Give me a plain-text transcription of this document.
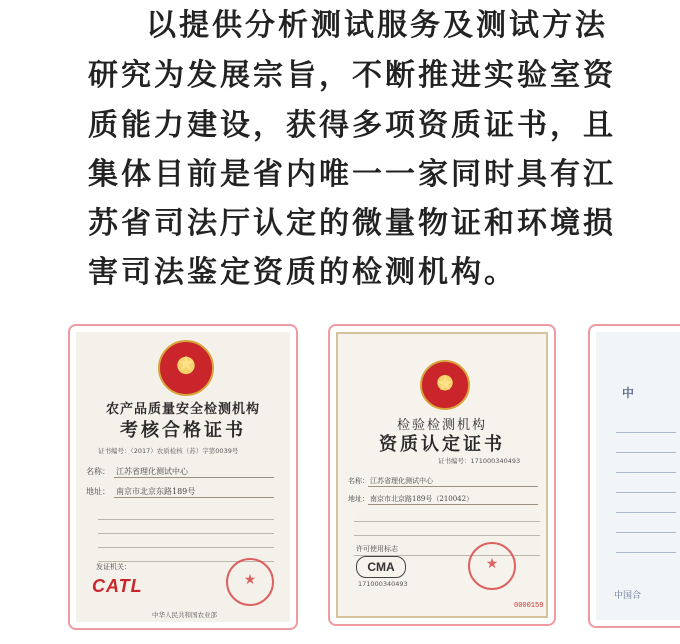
以提供分析测试服务及测试方法
研究为发展宗旨，不断推进实验室资
质能力建设，获得多项资质证书，且
集体目前是省内唯一一家同时具有江
苏省司法厅认定的微量物证和环境损
害司法鉴定资质的检测机构。
★
农产品质量安全检测机构
考核合格证书
证书编号：（2017）农质检核（苏）字第0039号
名称： 江苏省理化测试中心
地址： 南京市北京东路189号
发证机关：
CATL
★
中华人民共和国农业部
★
检验检测机构
资质认定证书
证书编号：171000340493
名称： 江苏省理化测试中心
地址： 南京市北京路189号（210042）
许可使用标志
CMA
171000340493
★
0000159
中
中国合
